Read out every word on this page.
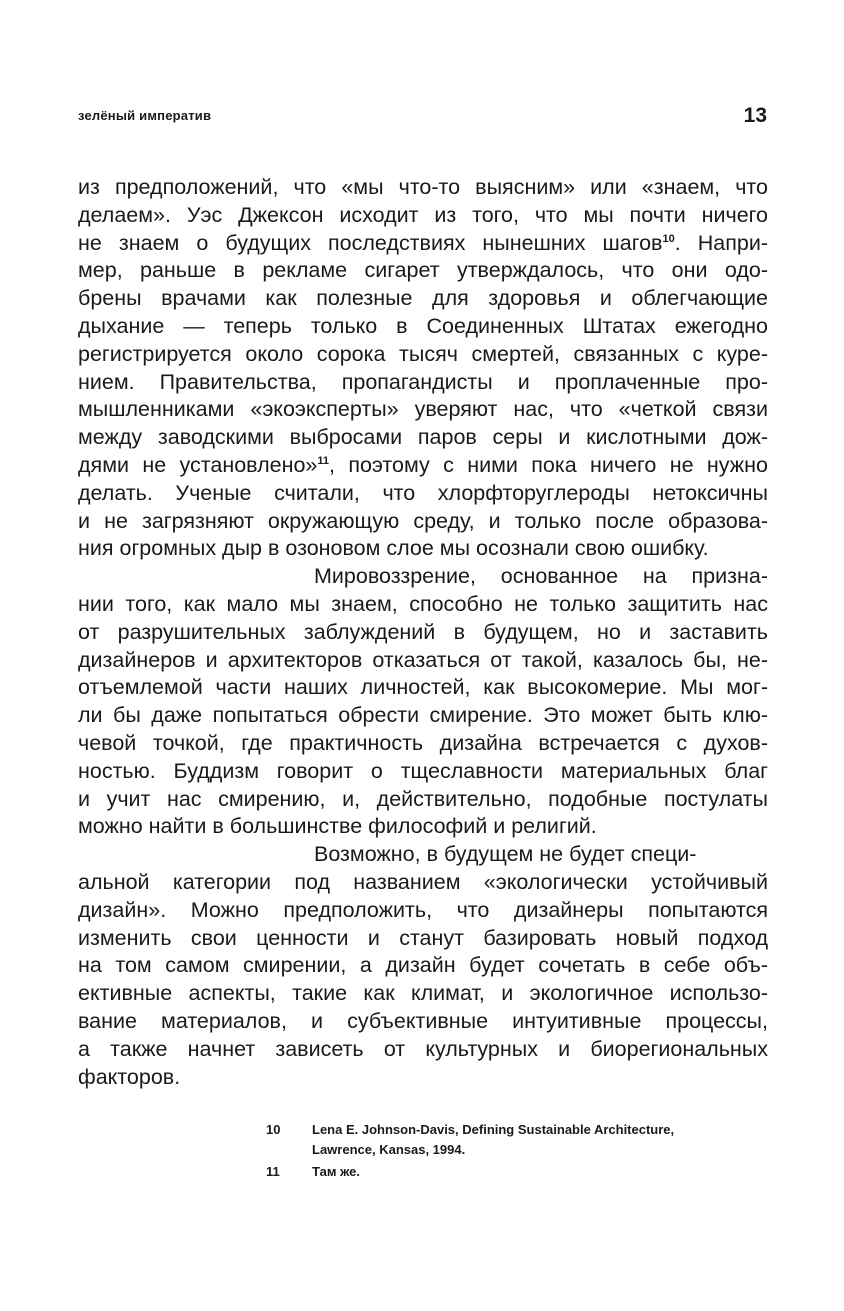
зелёный императив	13
из предположений, что «мы что-то выясним» или «знаем, что
делаем». Уэс Джексон исходит из того, что мы почти ничего
не знаем о будущих последствиях нынешних шагов$^{10}$. Напри-
мер, раньше в рекламе сигарет утверждалось, что они одо-
брены врачами как полезные для здоровья и облегчающие
дыхание — теперь только в Соединенных Штатах ежегодно
регистрируется около сорока тысяч смертей, связанных с куре-
нием. Правительства, пропагандисты и проплаченные про-
мышленниками «экоэксперты» уверяют нас, что «четкой связи
между заводскими выбросами паров серы и кислотными дож-
дями не установлено»$^{11}$, поэтому с ними пока ничего не нужно
делать. Ученые считали, что хлорфторуглероды нетоксичны
и не загрязняют окружающую среду, и только после образова-
ния огромных дыр в озоновом слое мы осознали свою ошибку.
Мировоззрение, основанное на призна-
нии того, как мало мы знаем, способно не только защитить нас
от разрушительных заблуждений в будущем, но и заставить
дизайнеров и архитекторов отказаться от такой, казалось бы, не-
отъемлемой части наших личностей, как высокомерие. Мы мог-
ли бы даже попытаться обрести смирение. Это может быть клю-
чевой точкой, где практичность дизайна встречается с духов-
ностью. Буддизм говорит о тщеславности материальных благ
и учит нас смирению, и, действительно, подобные постулаты
можно найти в большинстве философий и религий.
Возможно, в будущем не будет специ-
альной категории под названием «экологически устойчивый
дизайн». Можно предположить, что дизайнеры попытаются
изменить свои ценности и станут базировать новый подход
на том самом смирении, а дизайн будет сочетать в себе объ-
ективные аспекты, такие как климат, и экологичное использо-
вание материалов, и субъективные интуитивные процессы,
а также начнет зависеть от культурных и биорегиональных
факторов.
10	Lena E. Johnson-Davis, Defining Sustainable Architecture,
Lawrence, Kansas, 1994.
11	Там же.
